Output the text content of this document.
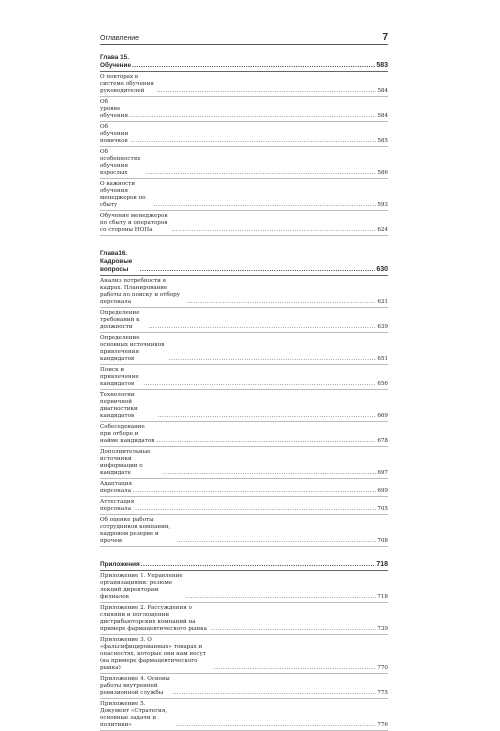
Оглавление	7
Глава 15. Обучение .....	583
О повторах в системе обучения руководителей .....	584
Об уровне обучения .....	584
Об обучении новичков .....	585
Об особенностях обучения взрослых .....	586
О важности обучения менеджеров по сбыту .....	593
Обучение менеджеров по сбыту и операторов со стороны НОПа .....	624
Глава16. Кадровые вопросы .....	630
Анализ потребности в кадрах. Планирование работы по поиску и отбору персонала .....	631
Определение требований к должности .....	639
Определение основных источников привлечения кандидатов .....	651
Поиск и привлечение кандидатов .....	656
Технологии первичной диагностики кандидатов .....	669
Собеседование при отборе и найме кандидатов .....	678
Дополнительные источники информации о кандидате .....	697
Адаптация персонала .....	699
Аттестация персонала .....	705
Об оценке работы сотрудников компании, кадровом резерве и прочем .....	708
Приложения .....	718
Приложение 1. Управление организациями: резюме лекций директорам филиалов .....	718
Приложение 2. Рассуждения о слиянии и поглощении дистрибьюторских компаний на примере фармацевтического рынка .....	739
Приложение 3. О «фальсифицированных» товарах и опасностях, которые они нам несут (на примере фармацевтического рынка) .....	770
Приложение 4. Основы работы внутренней ревизионной службы .....	775
Приложение 5. Документ «Стратегия, основные задачи и политики» .....	776
